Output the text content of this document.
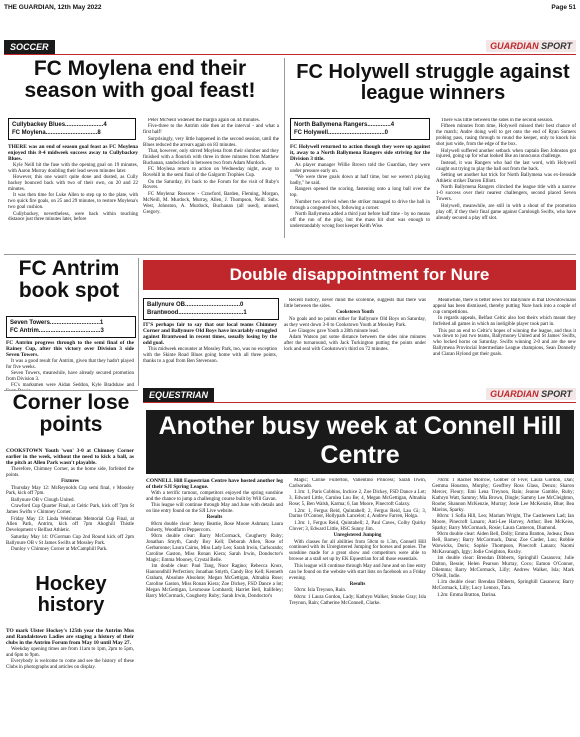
THE GUARDIAN, 12th May 2022	Page 51
SOCCER	GUARDIAN SPORT
FC Moylena end their season with goal feast!
Cullybackey Blues.......................4
FC Moylena...............................8

THERE was an end of season goal feast as FC Moylena enjoyed this 8-4 midweek success away to Cullybackey Blues.

Kyle Neill hit the fuse with the opening goal on 19 minutes, with Aaron Murray doubling their lead seven minutes later.

However, this one wasn't quite done and dusted, as Cully backey bounced back with two of their own, on 20 and 22 minutes.

It was then time for Luke Allen to step up to the plate, with two quick fire goals, on 25 and 29 minutes, to restore Moylena's two goal cushion.

Cullybackey, nevertheless, were back within touching distance just three minutes later, before

Peter McNeill widened the margin again on 44 minutes.

Five-three to the Antrim side then at the interval - and what a first half!

Surprisingly, very little happened in the second session, until the Blues reduced the arrears again on 83 minutes.

That, however, only stirred Moylena from their slumber and they finished with a flourish with three in three minutes from Matthew Buchanan, sandwiched in between two from Adam Murdock.

FC Moylena return to action on Wednesday night, away to Rovehill in the semi final of the Galgorm Trophies Cup.

On the Saturday, it's back to the Forum for the visit of Ruby's Rovers.

FC Moylena: Rossrow - Crawford, Barden, Fleming, Morgan, McNeill, M. Murdock, Murray, Allen, J. Thompson, Neill. Subs. West, Johnston, A. Murdock, Buchanan (all used), unused, Gregory.

FC Holywell struggle against league winners
North Ballymena Rangers..............4
FC Holywell..................................0

FC Holywell returned to action though they were up against it, away to a North Ballymena Rangers side striving for the Division 3 title.

As player manager Willie Brown told the Guardian, they were under pressure early on.

"We were three goals down at half time, but we weren't playing badly," he said.

Rangers opened the scoring, fastening onto a long ball over the top.

Number two arrived when the striker managed to drive the ball in through a congested box, following a corner.

North Ballymena added a third just before half time - by no means off the run of the play, but the mass hit shot was enough to understandably wrong foot keeper Keith Wise.

There was little between the sides in the second session.

Fifteen minutes from time, Holywell missed their best chance of the match; Andre doing well to get onto the end of Ryan Somers probing pass, rasing through to round the keeper, only to knock his shot just wide, from the edge of the box.

Holywell suffered another setback when captain Ben Johnston got injured, going up for what looked like an innocuous challenge.

Instead, it was Rangers who had the last word, with Holywell caught out trying to play the ball out from the back.

Setting set another hat trick for North Ballymena was ex-Irenside Athletic striker Darren Elliott.

North Ballymena Rangers clinched the league title with a narrow 1-0 success over their nearest challengers, second placed Seven Towers.

Holywell, meanwhile, are still in with a shout of the promotion play off, if they their final game against Carnlough Swifts, who have already secured a play off slot.

FC Antrim book spot
Seven Towers..............................1
FC Antrim.....................................3

FC Antrim progress through to the semi final of the Rainey Cup, after this victory over Division 3 side Seven Towers.

It was a good result for Antrim, given that they hadn't played for five weeks.

Seven Towers, meanwhile, have already secured promotion from Division 3.

FC's marksmen were Aidan Seddon, Kyle Bradshaw and

Double disappointment for Nure
Ballynure OB.................................0
Brantwood.......................................1

IT'S perhaps fair to say that our local teams Chimney Corner and Ballynure Old Boys have invariably struggled against Brantwood in recent times, usually losing by the odd goal.

This midweek encounter at Mossley Park, too, was no exception with the Skinte Road Blues going home with all three points, thanks to a goal from Ben Stevenson.

Recent history, never mind the scoreline, suggests that there was little between the sides.

Cookstown Youth

No goals and no points either for Ballynure Old Boys on Saturday, as they went down 3-0 to Cookstown Youth at Mossley Park.

Lee Glasgow gave Youth a 28th minute lead.

Adam Watson put some distance between the sides nine minutes after the turnaround, with Jack Turkington putting the points under lock and seal with Cookstown's third on 72 minutes.

Meanwhile, there is better news for Ballynure in that Downtownians appeal has been dismissed, thereby putting Nure back into a couple of cup competitions.

In regards appeals, Belfast Celtic also lost theirs which meant they forfeited all games in which an ineligible player took part in.

This put an end to Celtic's hopes of winning the league, and thus it was down to just two teams, Ballymoney United and St James' Swifts, who locked horns on Saturday. Swifts winning 2-0 and are the new Ballymena Provincial Intermediate League champions, Sean Donnelly and Ciaran Hylond got their goals.

Corner lose points

COOKSTOWN Youth 'won' 3-0 at Chimney Corner earlier in the week, without the need to kick a ball, as the pitch at Allen Park wasn't playable.

Therefore, Chimney Corner, as the home side, forfeited the points.

Fixtures

Thursday May 12: McReynolds Cup semi final, v Mossley Park, kick off 7pm.

Ballynure OB v Clough United.

Crawford Cup Quarter Final, at Celtic Park, kick off 7pm St James Swifts v Chimney Corner.

Friday May 13: Linda Welshman Memorial Cup Final, at Allen Park, Antrim, kick off 7pm Ahoghill Thistle Development v Belfast Athletic.

Saturday May 14: O'Gorman Cup 2nd Round kick off 2pm Ballynure OB v St James Swifts at Mossley Park.

Dunloy v Chimney Corner at McCamphill Park.

Hockey history

TO mark Ulster Hockey's 125th year the Antrim Mus and Randalstown Ladies are staging a history of their clubs in the Antrim Forum from May 10 until May 27.

Weekday opening times are from 11am to 1pm, 2pm to 5pm, and 6pm to 9pm.

Everybody is welcome to come and see the history of these Clubs in photographs and articles on display.

EQUESTRIAN	GUARDIAN SPORT
Another busy week at Connell Hill Centre

CONNELL Hill Equestrian Centre have hosted another leg of their SJI Spring League.

With a terrific turnout, competitors enjoyed the spring sunshine and the chance to jump a challenging course built by Will Gavan.

This league will continue through May and June with details and on line entry found on the SJI Live website.

Results

80cm double clear: Jenny Beattie, Rose Moore Ashman; Laura Doherty, Woodfarm Peppercorn.

90cm double clear: Barry McCormack, Cougherty Ruby; Jonathan Smyth, Candy Boy Kell; Deborah Allen, Rose of Gerbaronne; Laura Cairns, Miss Lady Leo; Sarah Irwin, Carlsorado; Caroline Gaston, Miss Ronan Kiera; Sarah Irwin, Dondoctor's Magic; Emma Mooney, Crystal Belle.

1m double clear: Paul Tang, Noor Ragino; Rebecca Knox, Hannondhill Perfection; Jonathan Smyth, Candy Boy Kell; Kenneth Graham, Absolute Absolute; Megan McGettigan, Altnabia Rose; Caroline Gaston, Miss Ronan Kiera; Zoe Dickey, FSD Dance a lot; Megan McGettigan, Lexmouse Lombardi; Harriet Bell, Italifeley; Barry McCormack, Cougherty Ruby; Sarah Irwin, Dondoctor's

Magic; Carine Fullerton, Vallentino Princess; Sarah Irwin, Carlsorado.

1.1m: 1, Paris Cobbins, Inchice 2, Zoe Dickey, FSD Dance a Lot; 3, Edward Little, Carnlea Lou Be; 4, Megan McGettigan, Altnabia Rose; 5, Ben Walsh, Karma; 6, Ian Moore, Pinecroft Galaxy.

1.2m: 1, Fergus Reid, Quintabell; 2, Fergus Reid, Lau Gi; 3, Darius O'Connor, Hollypark Lancelot; 4, Andrew Farren, Holga.

1.3m: 1, Fergus Reid, Quintabell; 2, Paul Caves, Colby Quirky Clover; 3, Edward Little, HSC Sunny Jim.

Unregistered Jumping

With classes for all abilities from 50cm to 1.3m, Connell Hill continued with its Unregistered Jumping for horses and ponies. The sunshine made for a great show and competitors were able to browse at a stall set up by EK Equestrian for all those essentials.

This league will continue through May and June and on line entry can be found on the website with start lists on facebook on a Friday evening.

Results

50cm: Isla Treynon, Rain.

60cm: 1 Laura Gordon, Lady; Kathryn Walker, Smoke Gray; Isla Treynon, Rain; Catherine McConnell, Clarke.

70cm: 1 Rachel Morrow, Gobber of Five; Laura Gordon, Dan; Gemma Houston, Murphy; Geoffrey Ross Glass, Denzo; Sharon Mercer, Fleury; Emi Lena Treynon, Rain; Jeanne Gamble, Ruby; Kathryn Watt, Sammy; Mia Brown, Dingle; Sammy Lee McCleighton, Roohe; Shannon McKenzie, Murray; Josie Lee McKenzie, Blue; Bea Mavins, Sparky.

80cm: 1 Sofia Hill, Leo; Mariam Wright, The Castlereem Lad; Ian Moore, Pinecroft Lanaro; Anti-Lee Harvey, Arthur; Ben McKeiss, Sparky; Barry McCormack, Rosie; Laura Cameron, Diamond.

90cm double clear: Aiden Bell, Dolly; Emma Bratton, Jodeau; Dean Bell, Barney; Barry McCormack, Dana; Zoe Carder, Lou; Robbie Warwicks, Doris; Sophie Thompson, Pinecroft Lanaro; Naomi McKavanagh, Iggy; Jodie Creighton, Roxby.

1m double clear: Brendan Dibberts, Springhill Casanova; Julie Dalton, Bessie; Helen Pearson Murray, Coco; Eamon O'Connor, Dilemma; Barry McCormack, Lilly; Andrew Walker, Isla; Mark O'Neill, Indie.

1.1m double clear: Brendan Dibberts, Springhill Casanova; Barry McCormack, Lilly; Lucy Lennox, Tara.

1.2m: Emma Bratton, Darina.
